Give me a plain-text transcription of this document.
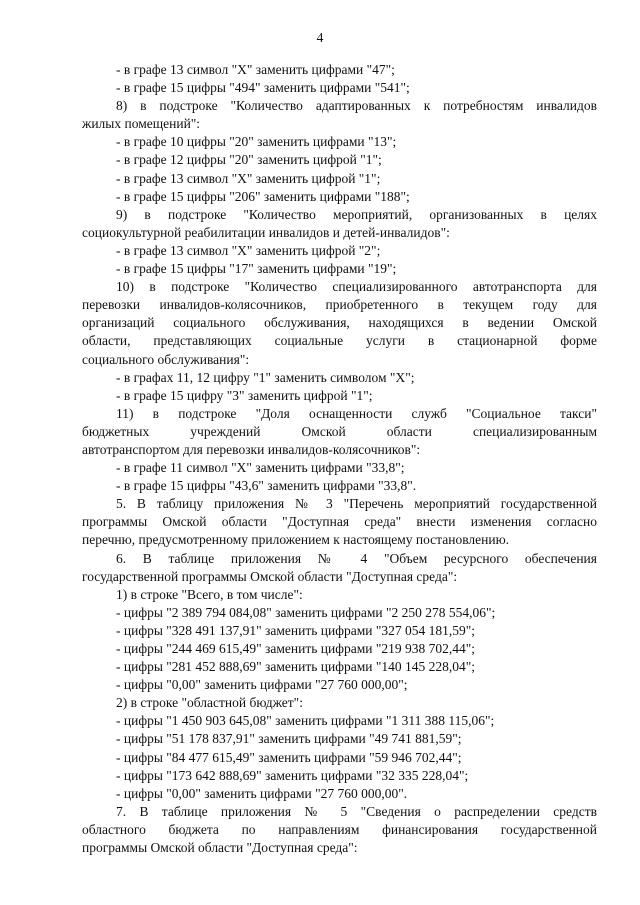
4
- в графе 13 символ "X" заменить цифрами "47";
- в графе 15 цифры "494" заменить цифрами "541";
8) в подстроке "Количество адаптированных к потребностям инвалидов
жилых помещений":
- в графе 10 цифры "20" заменить цифрами "13";
- в графе 12 цифры "20" заменить цифрой "1";
- в графе 13 символ "X" заменить цифрой "1";
- в графе 15 цифры "206" заменить цифрами "188";
9) в подстроке "Количество мероприятий, организованных в целях
социокультурной реабилитации инвалидов и детей-инвалидов":
- в графе 13 символ "X" заменить цифрой "2";
- в графе 15 цифры "17" заменить цифрами "19";
10) в подстроке "Количество специализированного автотранспорта для
перевозки инвалидов-колясочников, приобретенного в текущем году для
организаций социального обслуживания, находящихся в ведении Омской
области, представляющих социальные услуги в стационарной форме
социального обслуживания":
- в графах 11, 12 цифру "1" заменить символом "X";
- в графе 15 цифру "3" заменить цифрой "1";
11) в подстроке "Доля оснащенности служб "Социальное такси"
бюджетных учреждений Омской области специализированным
автотранспортом для перевозки инвалидов-колясочников":
- в графе 11 символ "X" заменить цифрами "33,8";
- в графе 15 цифры "43,6" заменить цифрами "33,8".
5. В таблицу приложения № 3 "Перечень мероприятий государственной
программы Омской области "Доступная среда" внести изменения согласно
перечню, предусмотренному приложением к настоящему постановлению.
6. В таблице приложения № 4 "Объем ресурсного обеспечения
государственной программы Омской области "Доступная среда":
1) в строке "Всего, в том числе":
- цифры "2 389 794 084,08" заменить цифрами "2 250 278 554,06";
- цифры "328 491 137,91" заменить цифрами "327 054 181,59";
- цифры "244 469 615,49" заменить цифрами "219 938 702,44";
- цифры "281 452 888,69" заменить цифрами "140 145 228,04";
- цифры "0,00" заменить цифрами "27 760 000,00";
2) в строке "областной бюджет":
- цифры "1 450 903 645,08" заменить цифрами "1 311 388 115,06";
- цифры "51 178 837,91" заменить цифрами "49 741 881,59";
- цифры "84 477 615,49" заменить цифрами "59 946 702,44";
- цифры "173 642 888,69" заменить цифрами "32 335 228,04";
- цифры "0,00" заменить цифрами "27 760 000,00".
7. В таблице приложения № 5 "Сведения о распределении средств
областного бюджета по направлениям финансирования государственной
программы Омской области "Доступная среда":
